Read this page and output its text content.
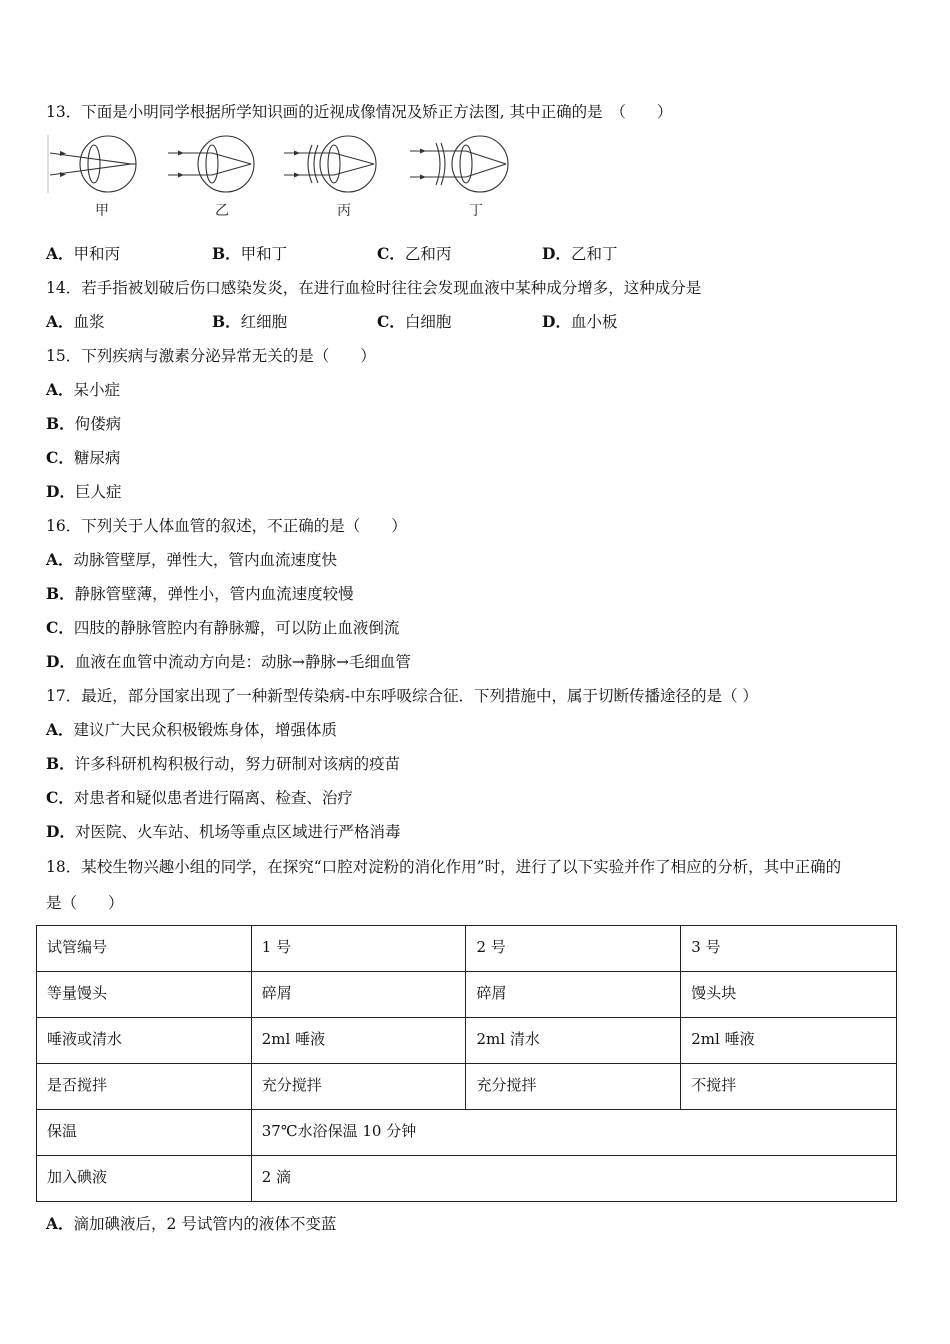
13．下面是小明同学根据所学知识画的近视成像情况及矫正方法图, 其中正确的是　（　　）
甲	乙	丙	丁
A．甲和丙	B．甲和丁	C．乙和丙	D．乙和丁
14．若手指被划破后伤口感染发炎，在进行血检时往往会发现血液中某种成分增多，这种成分是
A．血浆	B．红细胞	C．白细胞	D．血小板
15．下列疾病与激素分泌异常无关的是（　　）
A．呆小症
B．佝偻病
C．糖尿病
D．巨人症
16．下列关于人体血管的叙述，不正确的是（　　）
A．动脉管壁厚，弹性大，管内血流速度快
B．静脉管壁薄，弹性小，管内血流速度较慢
C．四肢的静脉管腔内有静脉瓣，可以防止血液倒流
D．血液在血管中流动方向是：动脉→静脉→毛细血管
17．最近，部分国家出现了一种新型传染病-中东呼吸综合征．下列措施中，属于切断传播途径的是（ ）
A．建议广大民众积极锻炼身体，增强体质
B．许多科研机构积极行动，努力研制对该病的疫苗
C．对患者和疑似患者进行隔离、检查、治疗
D．对医院、火车站、机场等重点区域进行严格消毒
18．某校生物兴趣小组的同学，在探究“口腔对淀粉的消化作用”时，进行了以下实验并作了相应的分析，其中正确的
是（　　）
试管编号	1 号	2 号	3 号
等量馒头	碎屑	碎屑	馒头块
唾液或清水	2ml 唾液	2ml 清水	2ml 唾液
是否搅拌	充分搅拌	充分搅拌	不搅拌
保温	37℃水浴保温 10 分钟		
加入碘液	2 滴		
A．滴加碘液后，2 号试管内的液体不变蓝
